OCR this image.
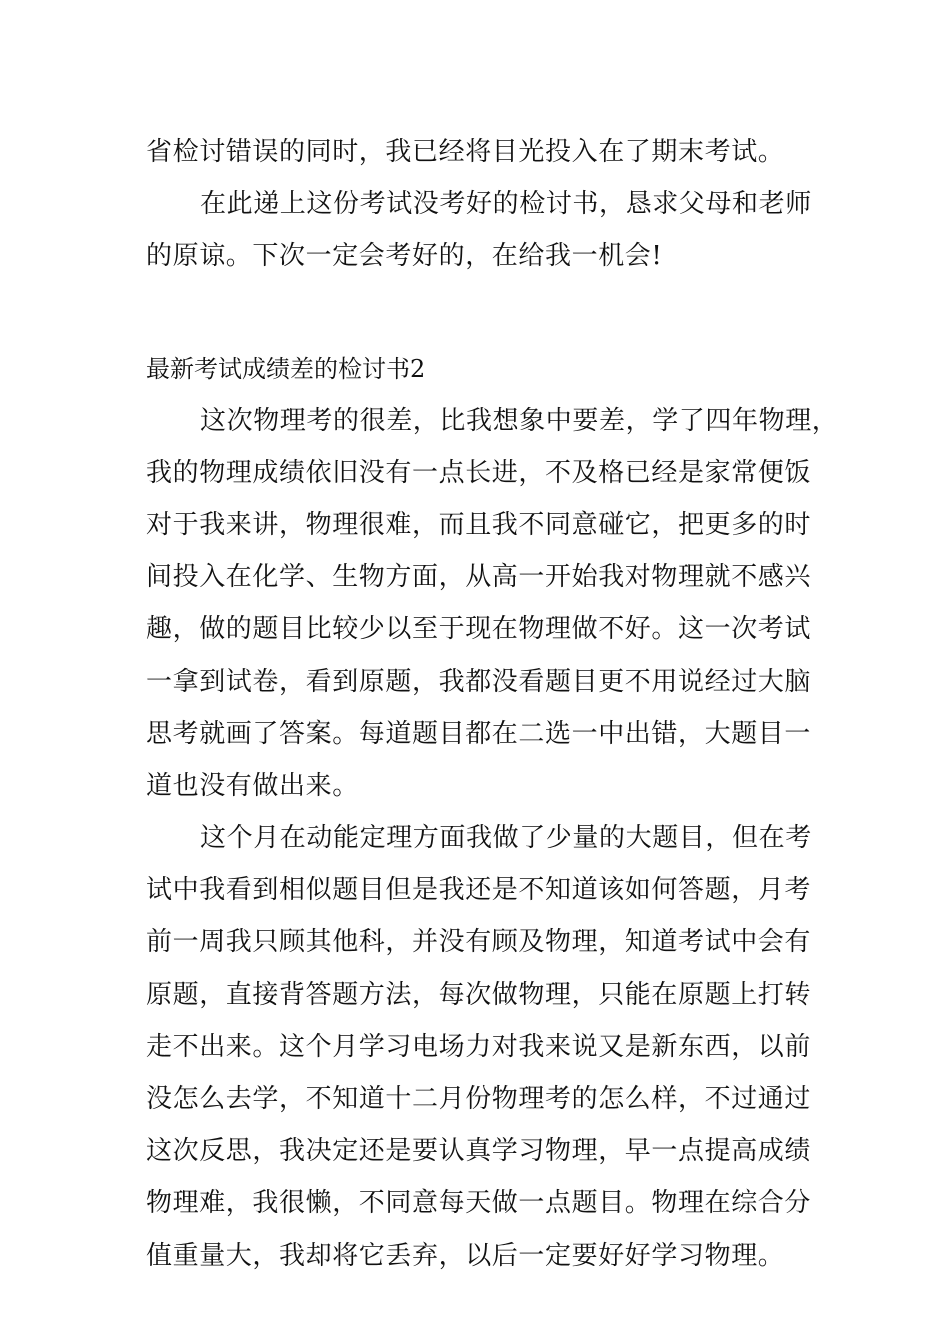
省检讨错误的同时，我已经将目光投入在了期末考试。
在此递上这份考试没考好的检讨书，恳求父母和老师
的原谅。下次一定会考好的，在给我一机会!
最新考试成绩差的检讨书2
这次物理考的很差，比我想象中要差，学了四年物理，
我的物理成绩依旧没有一点长进，不及格已经是家常便饭
对于我来讲，物理很难，而且我不同意碰它，把更多的时
间投入在化学、生物方面，从高一开始我对物理就不感兴
趣，做的题目比较少以至于现在物理做不好。这一次考试
一拿到试卷，看到原题，我都没看题目更不用说经过大脑
思考就画了答案。每道题目都在二选一中出错，大题目一
道也没有做出来。
这个月在动能定理方面我做了少量的大题目，但在考
试中我看到相似题目但是我还是不知道该如何答题，月考
前一周我只顾其他科，并没有顾及物理，知道考试中会有
原题，直接背答题方法，每次做物理，只能在原题上打转
走不出来。这个月学习电场力对我来说又是新东西，以前
没怎么去学，不知道十二月份物理考的怎么样，不过通过
这次反思，我决定还是要认真学习物理，早一点提高成绩
物理难，我很懒，不同意每天做一点题目。物理在综合分
值重量大，我却将它丢弃，以后一定要好好学习物理。
